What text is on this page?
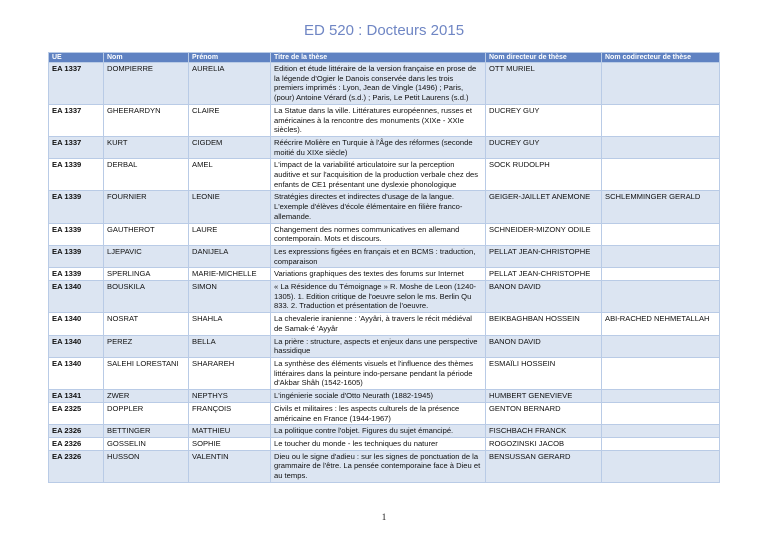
ED 520 : Docteurs 2015
UE	Nom	Prénom	Titre de la thèse	Nom directeur de thèse	Nom codirecteur de thèse
EA 1337	DOMPIERRE	AURELIA	Edition et étude littéraire de la version française en prose de la légende d'Ogier le Danois conservée dans les trois premiers imprimés : Lyon, Jean de Vingle (1496) ; Paris, (pour) Antoine Vérard (s.d.) ; Paris, Le Petit Laurens (s.d.)	OTT MURIEL	
EA 1337	GHEERARDYN	CLAIRE	La Statue dans la ville. Littératures européennes, russes et américaines à la rencontre des monuments (XIXe - XXIe siècles).	DUCREY GUY	
EA 1337	KURT	CIGDEM	Réécrire Molière en Turquie à l'Âge des réformes (seconde moitié du XIXe siècle)	DUCREY GUY	
EA 1339	DERBAL	AMEL	L'impact de la variabilité articulatoire sur la perception auditive et sur l'acquisition de la production verbale chez des enfants de CE1 présentant une dyslexie phonologique	SOCK RUDOLPH	
EA 1339	FOURNIER	LEONIE	Stratégies directes et indirectes d'usage de la langue. L'exemple d'élèves d'école élémentaire en filière franco-allemande.	GEIGER-JAILLET ANEMONE	SCHLEMMINGER GERALD
EA 1339	GAUTHEROT	LAURE	Changement des normes communicatives en allemand contemporain. Mots et discours.	SCHNEIDER-MIZONY ODILE	
EA 1339	LJEPAVIC	DANIJELA	Les expressions figées en français et en BCMS : traduction, comparaison	PELLAT JEAN-CHRISTOPHE	
EA 1339	SPERLINGA	MARIE-MICHELLE	Variations graphiques des textes des forums sur Internet	PELLAT JEAN-CHRISTOPHE	
EA 1340	BOUSKILA	SIMON	« La Résidence du Témoignage » R. Moshe de Leon (1240-1305). 1. Edition critique de l'oeuvre selon le ms. Berlin Qu 833. 2. Traduction et présentation de l'oeuvre.	BANON DAVID	
EA 1340	NOSRAT	SHAHLA	La chevalerie iranienne : 'Ayyâri, à travers le récit médiéval de Samak-é 'Ayyâr	BEIKBAGHBAN HOSSEIN	ABI-RACHED NEHMETALLAH
EA 1340	PEREZ	BELLA	La prière : structure, aspects et enjeux dans une perspective hassidique	BANON DAVID	
EA 1340	SALEHI LORESTANI	SHARAREH	La synthèse des éléments visuels et l'influence des thèmes littéraires dans la peinture indo-persane pendant la période d'Akbar Shâh (1542-1605)	ESMAÏLI HOSSEIN	
EA 1341	ZWER	NEPTHYS	L'ingénierie sociale d'Otto Neurath (1882-1945)	HUMBERT GENEVIEVE	
EA 2325	DOPPLER	FRANÇOIS	Civils et militaires : les aspects culturels de la présence américaine en France (1944-1967)	GENTON BERNARD	
EA 2326	BETTINGER	MATTHIEU	La politique contre l'objet. Figures du sujet émancipé.	FISCHBACH FRANCK	
EA 2326	GOSSELIN	SOPHIE	Le toucher du monde - les techniques du naturer	ROGOZINSKI JACOB	
EA 2326	HUSSON	VALENTIN	Dieu ou le signe d'adieu : sur les signes de ponctuation de la grammaire de l'être. La pensée contemporaine face à Dieu et au temps.	BENSUSSAN GERARD	
1
